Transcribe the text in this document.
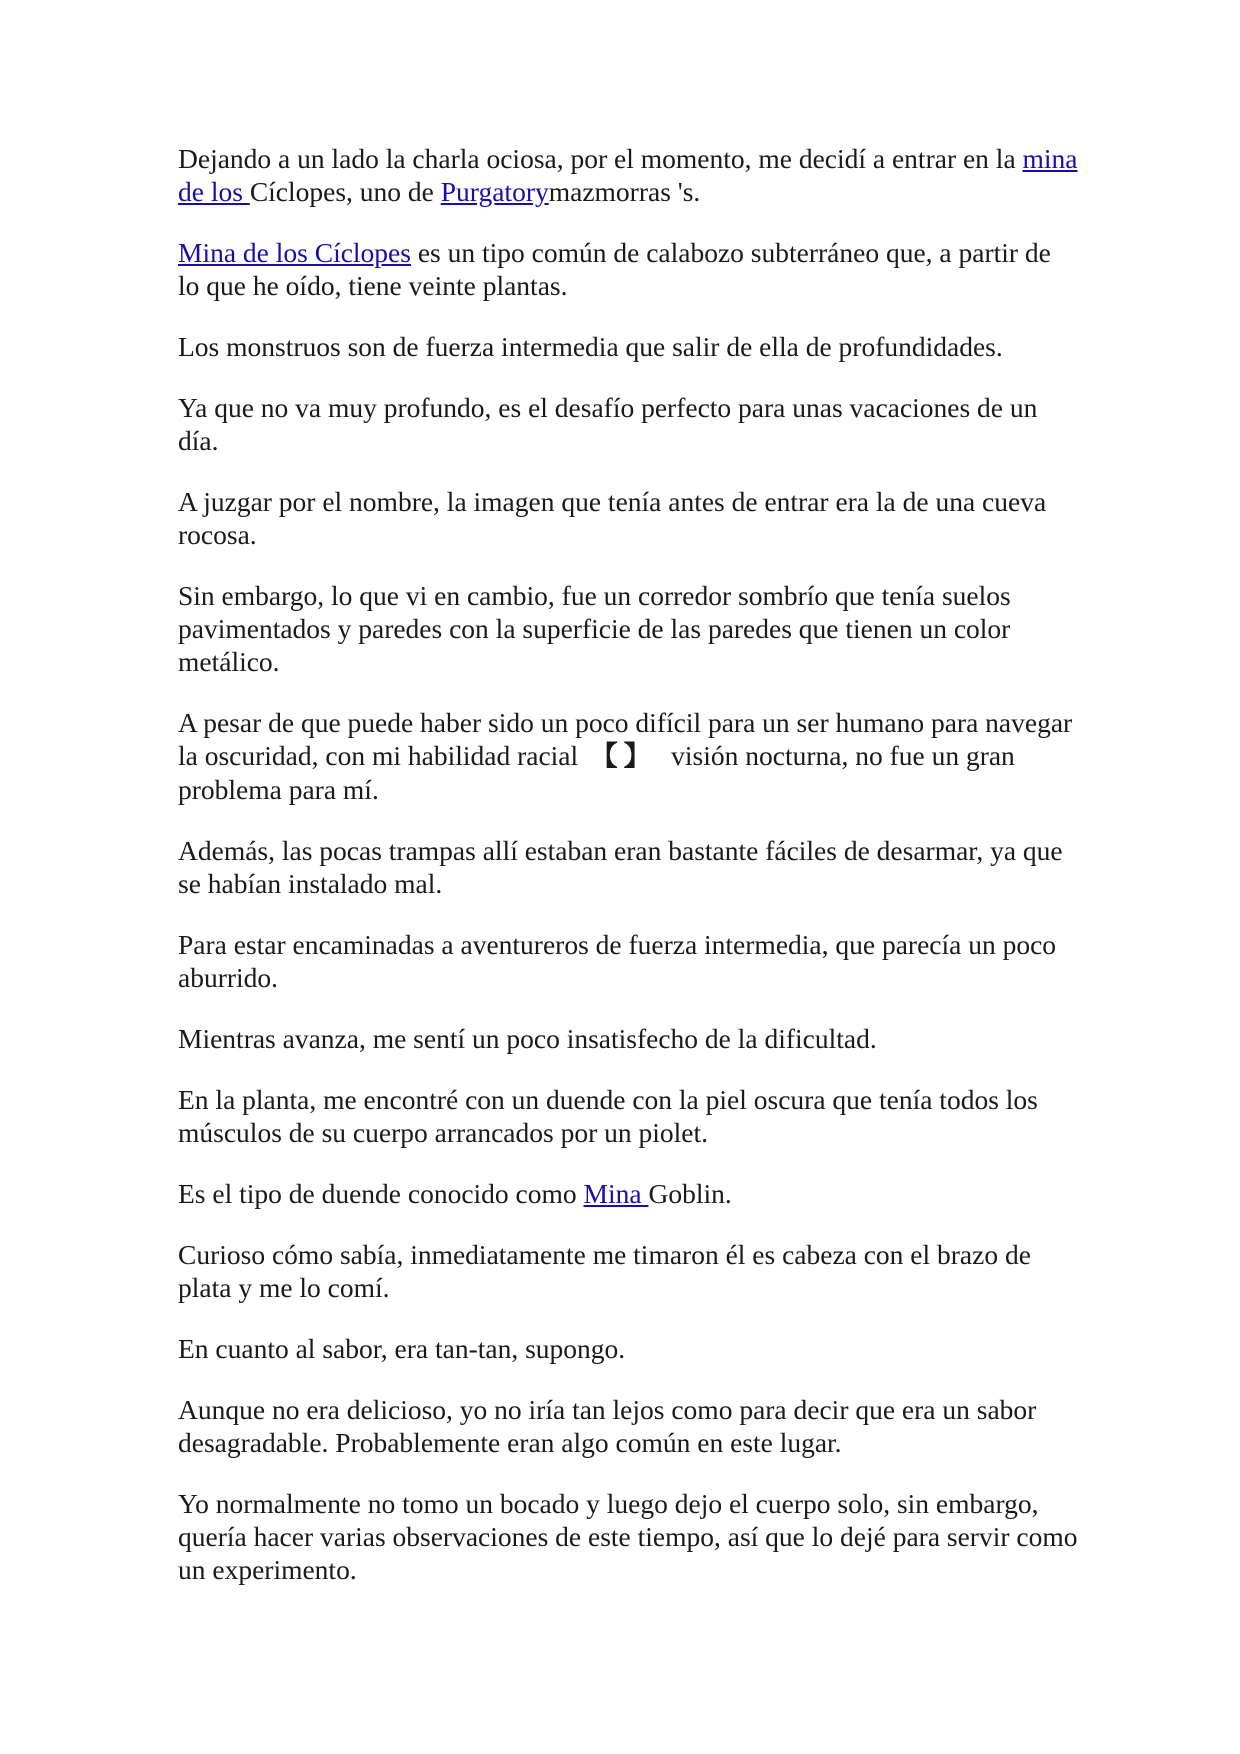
Dejando a un lado la charla ociosa, por el momento, me decidí a entrar en la mina de los Cíclopes, uno de Purgatorymazmorras 's.

Mina de los Cíclopes es un tipo común de calabozo subterráneo que, a partir de lo que he oído, tiene veinte plantas.

Los monstruos son de fuerza intermedia que salir de ella de profundidades.

Ya que no va muy profundo, es el desafío perfecto para unas vacaciones de un día.

A juzgar por el nombre, la imagen que tenía antes de entrar era la de una cueva rocosa.

Sin embargo, lo que vi en cambio, fue un corredor sombrío que tenía suelos pavimentados y paredes con la superficie de las paredes que tienen un color metálico.

A pesar de que puede haber sido un poco difícil para un ser humano para navegar la oscuridad, con mi habilidad racial 【】 visión nocturna, no fue un gran problema para mí.

Además, las pocas trampas allí estaban eran bastante fáciles de desarmar, ya que se habían instalado mal.

Para estar encaminadas a aventureros de fuerza intermedia, que parecía un poco aburrido.

Mientras avanza, me sentí un poco insatisfecho de la dificultad.

En la planta, me encontré con un duende con la piel oscura que tenía todos los músculos de su cuerpo arrancados por un piolet.

Es el tipo de duende conocido como Mina Goblin.

Curioso cómo sabía, inmediatamente me timaron él es cabeza con el brazo de plata y me lo comí.

En cuanto al sabor, era tan-tan, supongo.

Aunque no era delicioso, yo no iría tan lejos como para decir que era un sabor desagradable. Probablemente eran algo común en este lugar.

Yo normalmente no tomo un bocado y luego dejo el cuerpo solo, sin embargo, quería hacer varias observaciones de este tiempo, así que lo dejé para servir como un experimento.
